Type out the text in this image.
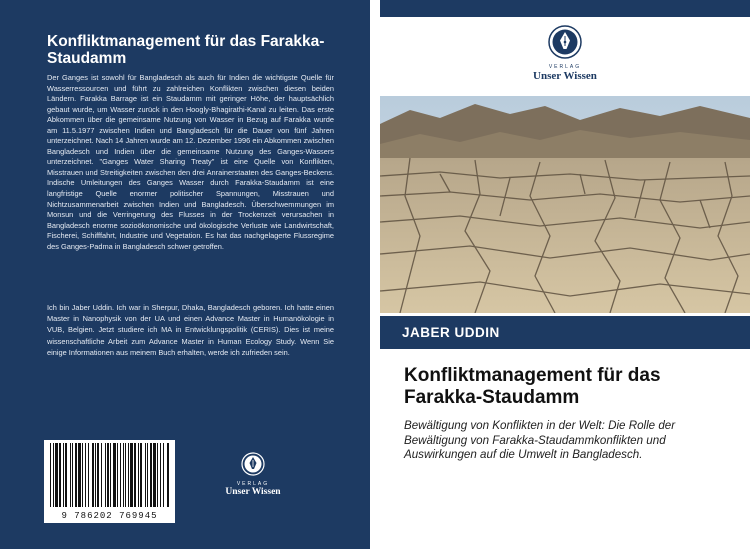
Konfliktmanagement für das Farakka-Staudamm
Der Ganges ist sowohl für Bangladesch als auch für Indien die wichtigste Quelle für Wasserressourcen und führt zu zahlreichen Konflikten zwischen diesen beiden Ländern. Farakka Barrage ist ein Staudamm mit geringer Höhe, der hauptsächlich gebaut wurde, um Wasser zurück in den Hoogly-Bhagirathi-Kanal zu leiten. Das erste Abkommen über die gemeinsame Nutzung von Wasser in Bezug auf Farakka wurde am 11.5.1977 zwischen Indien und Bangladesch für die Dauer von fünf Jahren unterzeichnet. Nach 14 Jahren wurde am 12. Dezember 1996 ein Abkommen zwischen Bangladesch und Indien über die gemeinsame Nutzung des Ganges-Wassers unterzeichnet. "Ganges Water Sharing Treaty" ist eine Quelle von Konflikten, Misstrauen und Streitigkeiten zwischen den drei Anrainerstaaten des Ganges-Beckens. Indische Umleitungen des Ganges Wasser durch Farakka-Staudamm ist eine langfristige Quelle enormer politischer Spannungen, Misstrauen und Nichtzusammenarbeit zwischen Indien und Bangladesch. Überschwemmungen im Monsun und die Verringerung des Flusses in der Trockenzeit verursachen in Bangladesch enorme sozioökonomische und ökologische Verluste wie Landwirtschaft, Fischerei, Schifffahrt, Industrie und Vegetation. Es hat das nachgelagerte Flussregime des Ganges-Padma in Bangladesch schwer getroffen.
Ich bin Jaber Uddin. Ich war in Sherpur, Dhaka, Bangladesch geboren. Ich hatte einen Master in Nanophysik von der UA und einen Advance Master in Humanökologie in VUB, Belgien. Jetzt studiere ich MA in Entwicklungspolitik (CERIS). Dies ist meine wissenschaftliche Arbeit zum Advance Master in Human Ecology Study. Wenn Sie einige Informationen aus meinem Buch erhalten, werde ich zufrieden sein.
9 786202 769945
VERLAG
Unser Wissen
VERLAG
Unser Wissen
JABER UDDIN
Konfliktmanagement für das Farakka-Staudamm
Bewältigung von Konflikten in der Welt: Die Rolle der Bewältigung von Farakka-Staudammkonflikten und Auswirkungen auf die Umwelt in Bangladesch.
